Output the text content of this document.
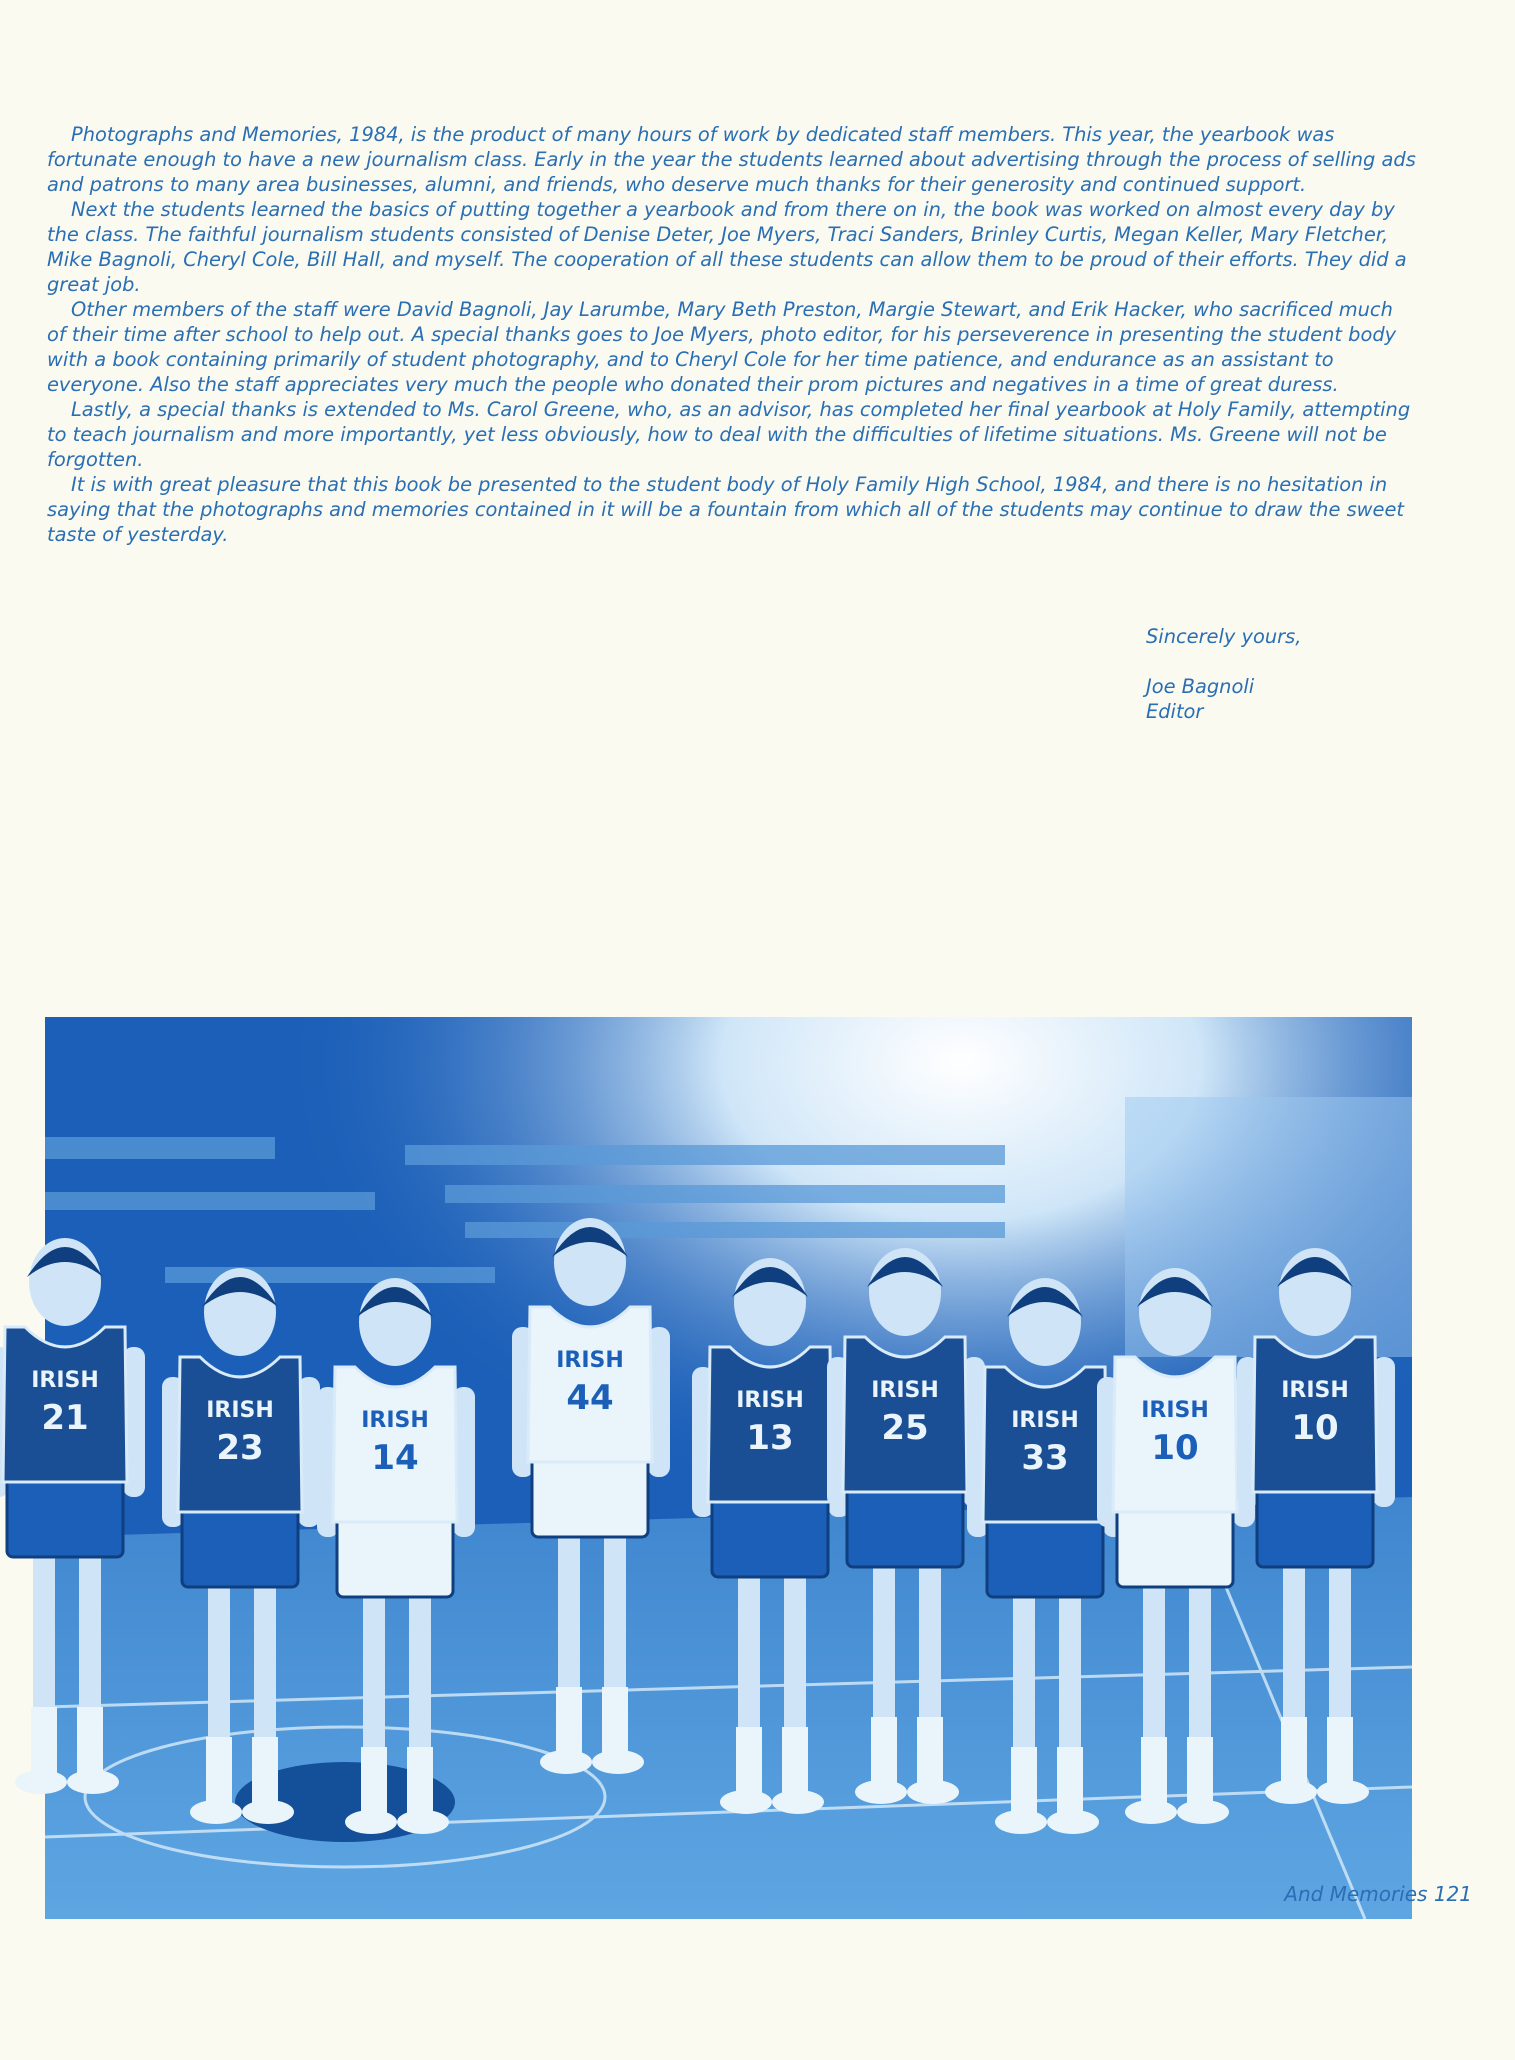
Photographs and Memories, 1984, is the product of many hours of work by dedicated staff members. This year, the yearbook was fortunate enough to have a new journalism class. Early in the year the students learned about advertising through the process of selling ads and patrons to many area businesses, alumni, and friends, who deserve much thanks for their generosity and continued support.

Next the students learned the basics of putting together a yearbook and from there on in, the book was worked on almost every day by the class. The faithful journalism students consisted of Denise Deter, Joe Myers, Traci Sanders, Brinley Curtis, Megan Keller, Mary Fletcher, Mike Bagnoli, Cheryl Cole, Bill Hall, and myself. The cooperation of all these students can allow them to be proud of their efforts. They did a great job.

Other members of the staff were David Bagnoli, Jay Larumbe, Mary Beth Preston, Margie Stewart, and Erik Hacker, who sacrificed much of their time after school to help out. A special thanks goes to Joe Myers, photo editor, for his perseverence in presenting the student body with a book containing primarily of student photography, and to Cheryl Cole for her time patience, and endurance as an assistant to everyone. Also the staff appreciates very much the people who donated their prom pictures and negatives in a time of great duress.

Lastly, a special thanks is extended to Ms. Carol Greene, who, as an advisor, has completed her final yearbook at Holy Family, attempting to teach journalism and more importantly, yet less obviously, how to deal with the difficulties of lifetime situations. Ms. Greene will not be forgotten.

It is with great pleasure that this book be presented to the student body of Holy Family High School, 1984, and there is no hesitation in saying that the photographs and memories contained in it will be a fountain from which all of the students may continue to draw the sweet taste of yesterday.

Sincerely yours,
Joe Bagnoli
Editor
IRISH
21	IRISH
23
IRISH
14
IRISH
44	IRISH
13
IRISH
25	IRISH
33
IRISH
10
IRISH
10
And Memories 121
